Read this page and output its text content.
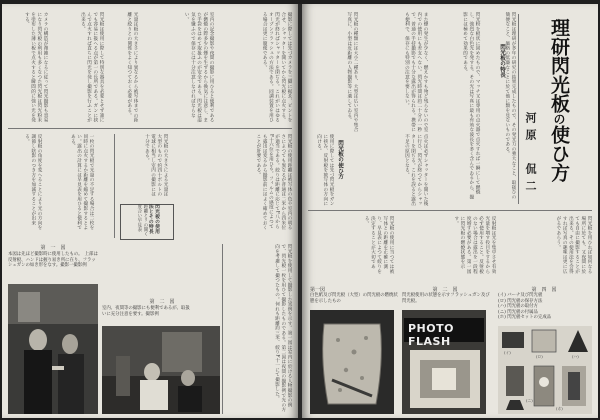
カメラの構造が複雑になるに従って閃光撮影も容易になり閃光板の利用も多くなつた閃光板は閃光粉末を塗布した薄い板で点火すると瞬間的に強い光を発する。	閃光板は使用に際して特別な器具を必要とせず誰にでも容易に扱へる点が第一の長所である。ガンに挟んで点火すれば直ちに閃光を発し撮影を行ふことが出来る。	光量は板の大きさにより異なるから被写体までの距離と絞りとの関係をよく知つておく必要がある。	室内の記念撮影や夜間の撮影に用ひると便利であるが燃焼の際多少の煙を生ずるから換気に注意し、また手袋をはめて取扱ふのが安全である。閃光板は湿気を嫌ふので保存には十分注意しなければならない。	撮影に際しては先づカメラを三脚に据ゑ、ピントを合せ、シャッターを開いてから閃光板に点火する。閃光が終ればシャッターを閉ぢる。これがいはゆるオープンフラッシュの方法である。同調装置を用ひる場合は更に簡便である。
反射板の角度を変へることにより光の方向を調節し陰影のつき方を加減することが出来る。	一枚の閃光板で光量の不足する場合は二枚を同時に点火するか距離を縮めて撮影するとよい。露出の計算には早見表を用ひると便利である。
閃光板の使用法とその特長
距離とリの開く度合い早見表
閃光板の大きさによる光量は大型のもので約四十ボルトの電球に相当し室内の撮影には十分である。	閃光板の使用距離は被写体の色や室内の明るさによつても異なるが普通は二米から四米位が適当である。絞りは距離に応じてF八からF十六位を用ひる。フィルムの感度によつても露出は変るから撮影前にはよく確めておくことが肝要である。
第　一　図
本図は先ほど撮影時に使用したもの。　上部は反射板、ハンドは握り易き所に在り、フラッシュガンの如き形をなす。撮影一撮影例
第　二　図
室内、夜間等の撮影にも便利であるが、取扱いに充分注意を要す。撮影例	閃光板を使用して撮影した実例を示す。第一図は室内に於ける人物撮影の例で、閃光板一枚を用ひて撮影したものである。第二図は夜間の撮影例で光の方向を考慮して撮つたもの。何れも距離約三米、絞りF十一にて撮影した。
理研閃光板の使ひ方
河原　侃二
閃光板の特長
閃光板の使ひ方	閃光板は理研が多年の研究の結果完成したもので、その発光力の強大なこと、取扱ひの簡便なこと、価格の低廉なことに於て他に類を見ないものである。
閃光粉を板状に固めたもので、マッチ又は専用の点火器で点火すれば一瞬にして燃焼し、強烈な白色光を発する。その光は写真に最も有効な波長を多く含んでゐるから、撮影には極めて効果的である。
また煙の発生が少なく、燃えかすも殆ど残らないので室内での使用にも差支へない。閃光時間は約二十分の一秒で、普通の手持撮影でも十分な露出が得られる。携帯にも便利で、保存にも特別の注意を要しない。
閃光板の種類には大小二種あり、大型は広い室内や集合写真に、小型は近距離の人物撮影等に適してゐる。
使用に際しては先づ閃光板をガンに挟み、反射板を被写体の方向に向ける。	点火は必ずシャッターを開いた後に行ひ、閃光が終つてからシャッターを閉ぢる。これを誤ると露出不足の原因となる。
閃光板の使用に当つては被写体との距離を正確に測り、早見表によつて絞りを決定することが大切である。	反射板は光を集中させ有効光量を増す役目をするから必ず使用すること。反射板のない場合は露出を一段程度増す必要がある。第一図に閃光板の燃焼状態を示す。	閃光板を用ひれば如何なる場所に於ても、又夜間に於ても自由に撮影することが出来る。その使用法を会得すれば写真の趣味は更に広がるであらう。
第一図
白色紙及び閃光板（大型）の閃光板の燃焼状態を示したもの
第　二　図
閃光板使用の状態を示すフラッシュガン及び閃光板。
PHOTO FLASH
第　四　図
(イ) バーナ及び閃光板
(ロ) 閃光板の保存方法
(ハ) 閃光板の取付方
(ニ) 閃光板の付属品
(ホ) 閃光板セットの完成品
(イ)
(ロ)	(ハ)
(ニ)
(ホ)
